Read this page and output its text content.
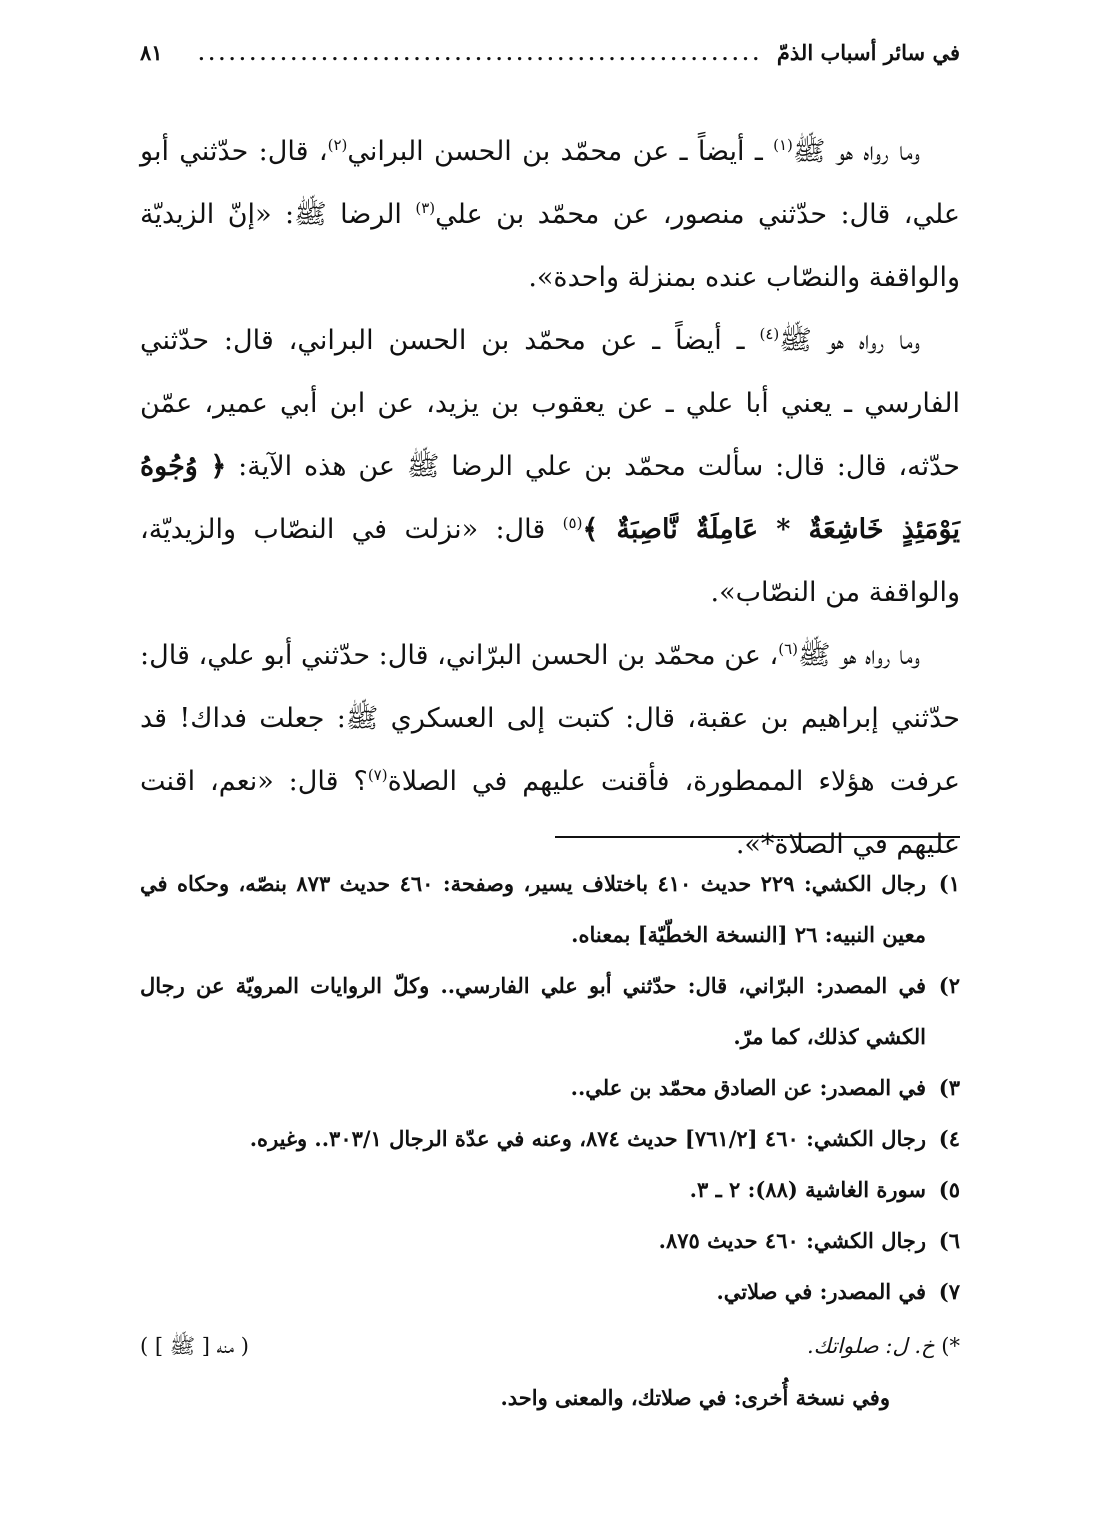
في سائر أسباب الذمّ
.......................................................
٨١

وما رواه هو ﷺ$^{(١)}$ ـ أيضاً ـ عن محمّد بن الحسن البراني$^{(٢)}$، قال: حدّثني أبو علي، قال: حدّثني منصور، عن محمّد بن علي$^{(٣)}$ الرضا ﷺ: «إنّ الزيديّة والواقفة والنصّاب عنده بمنزلة واحدة».

وما رواه هو ﷺ$^{(٤)}$ ـ أيضاً ـ عن محمّد بن الحسن البراني، قال: حدّثني الفارسي ـ يعني أبا علي ـ عن يعقوب بن يزيد، عن ابن أبي عمير، عمّن حدّثه، قال: قال: سألت محمّد بن علي الرضا ﷺ عن هذه الآية: ﴿ وُجُوهُ يَوْمَئِذٍ خَاشِعَةٌ * عَامِلَةٌ نَّاصِبَةٌ ﴾$^{(٥)}$ قال: «نزلت في النصّاب والزيديّة، والواقفة من النصّاب».

وما رواه هو ﷺ$^{(٦)}$، عن محمّد بن الحسن البرّاني، قال: حدّثني أبو علي، قال: حدّثني إبراهيم بن عقبة، قال: كتبت إلى العسكري ﷺ: جعلت فداك! قد عرفت هؤلاء الممطورة، فأقنت عليهم في الصلاة$^{(٧)}$؟ قال: «نعم، اقنت عليهم في الصلاة*».

١)
رجال الكشي: ٢٢٩ حديث ٤١٠ باختلاف يسير، وصفحة: ٤٦٠ حديث ٨٧٣ بنصّه، وحكاه في معين النبيه: ٢٦ [النسخة الخطّيّة] بمعناه.
٢)
في المصدر: البرّاني، قال: حدّثني أبو علي الفارسي.. وكلّ الروايات المرويّة عن رجال الكشي كذلك، كما مرّ.
٣)
في المصدر: عن الصادق محمّد بن علي..
٤)
رجال الكشي: ٤٦٠ [٧٦١/٢] حديث ٨٧٤، وعنه في عدّة الرجال ٣٠٣/١.. وغيره.
٥)
سورة الغاشية (٨٨): ٢ ـ ٣.
٦)
رجال الكشي: ٤٦٠ حديث ٨٧٥.
٧)
في المصدر: في صلاتي.
*) خ. ل: صلواتك.
( منه [ ﷺ ] )
وفي نسخة أُخرى: في صلاتك، والمعنى واحد.
